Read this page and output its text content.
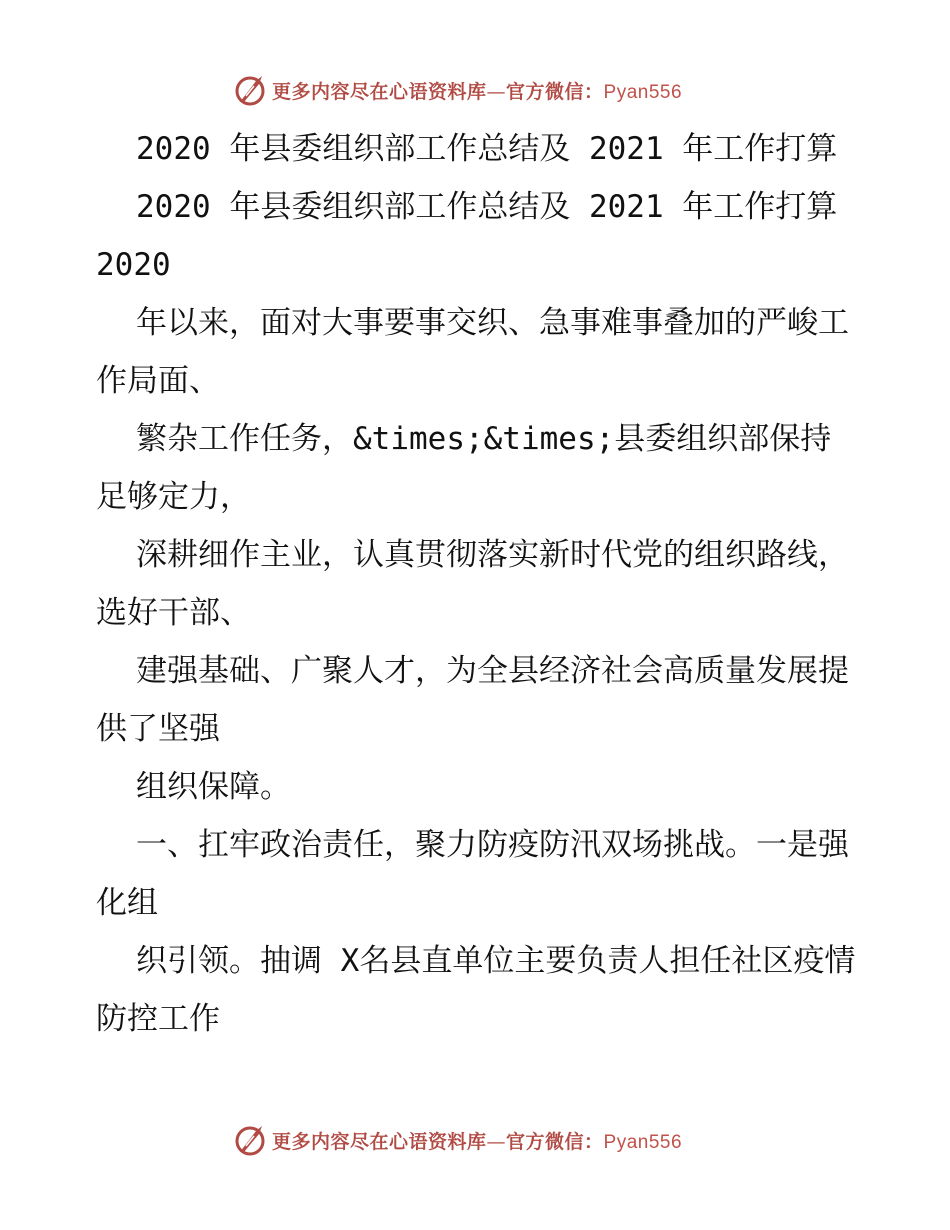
更多内容尽在心语资料库—官方微信：Pyan556

2020 年县委组织部工作总结及 2021 年工作打算

2020 年县委组织部工作总结及 2021 年工作打算 2020

年以来，面对大事要事交织、急事难事叠加的严峻工作局面、

繁杂工作任务，&times;&times;县委组织部保持足够定力，

深耕细作主业，认真贯彻落实新时代党的组织路线，选好干部、

建强基础、广聚人才，为全县经济社会高质量发展提供了坚强

组织保障。

一、扛牢政治责任，聚力防疫防汛双场挑战。一是强化组

织引领。抽调 X名县直单位主要负责人担任社区疫情防控工作

更多内容尽在心语资料库—官方微信：Pyan556
